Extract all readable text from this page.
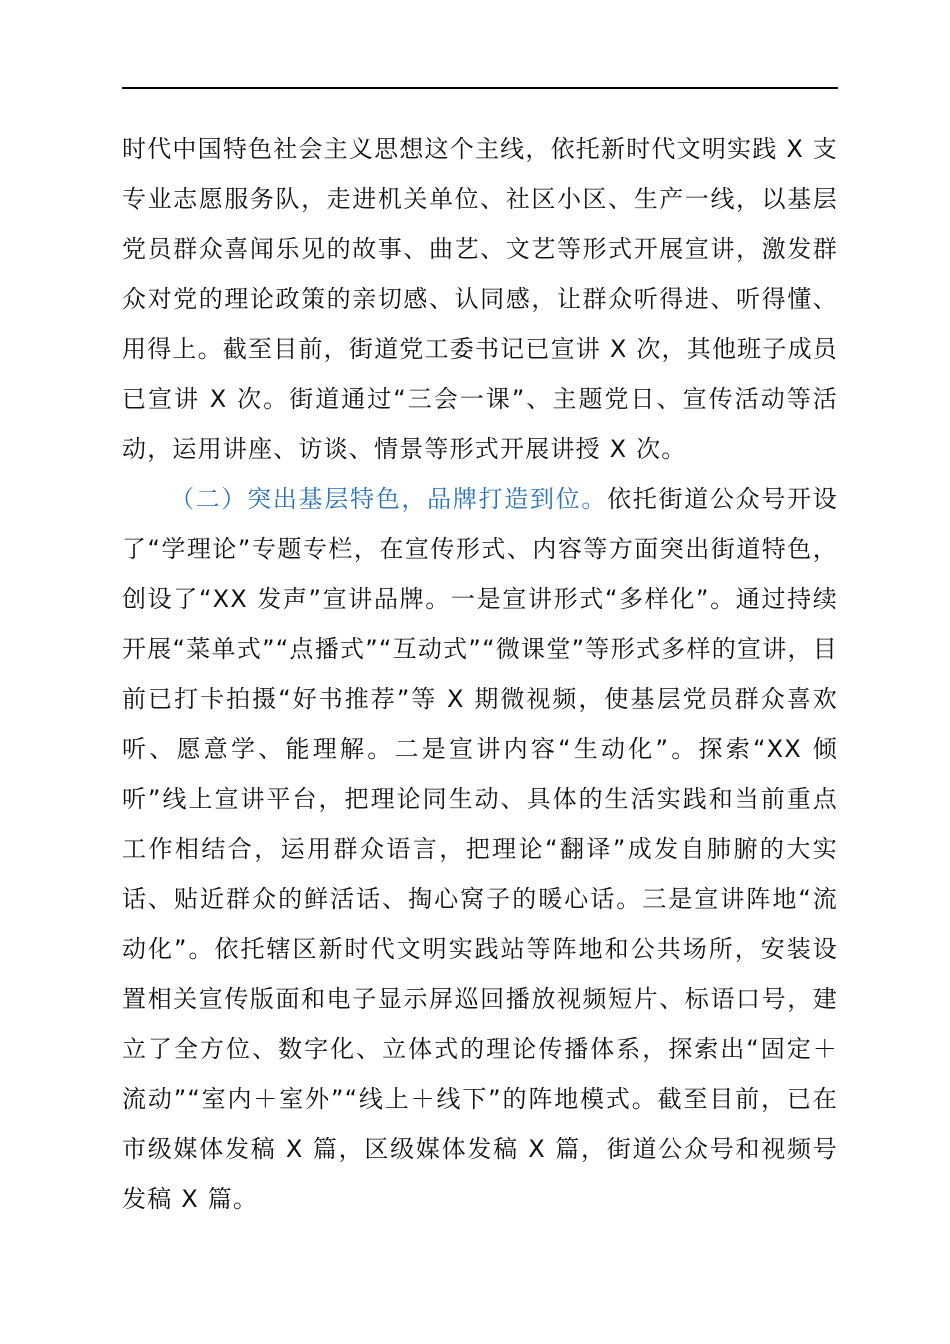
时代中国特色社会主义思想这个主线，依托新时代文明实践 X 支专业志愿服务队，走进机关单位、社区小区、生产一线，以基层党员群众喜闻乐见的故事、曲艺、文艺等形式开展宣讲，激发群众对党的理论政策的亲切感、认同感，让群众听得进、听得懂、用得上。截至目前，街道党工委书记已宣讲 X 次，其他班子成员已宣讲 X 次。街道通过“三会一课”、主题党日、宣传活动等活动，运用讲座、访谈、情景等形式开展讲授 X 次。

（二）突出基层特色，品牌打造到位。依托街道公众号开设了“学理论”专题专栏，在宣传形式、内容等方面突出街道特色，创设了“XX 发声”宣讲品牌。一是宣讲形式“多样化”。通过持续开展“菜单式”“点播式”“互动式”“微课堂”等形式多样的宣讲，目前已打卡拍摄“好书推荐”等 X 期微视频，使基层党员群众喜欢听、愿意学、能理解。二是宣讲内容“生动化”。探索“XX 倾听”线上宣讲平台，把理论同生动、具体的生活实践和当前重点工作相结合，运用群众语言，把理论“翻译”成发自肺腑的大实话、贴近群众的鲜活话、掏心窝子的暖心话。三是宣讲阵地“流动化”。依托辖区新时代文明实践站等阵地和公共场所，安装设置相关宣传版面和电子显示屏巡回播放视频短片、标语口号，建立了全方位、数字化、立体式的理论传播体系，探索出“固定＋流动”“室内＋室外”“线上＋线下”的阵地模式。截至目前，已在市级媒体发稿 X 篇，区级媒体发稿 X 篇，街道公众号和视频号发稿 X 篇。
